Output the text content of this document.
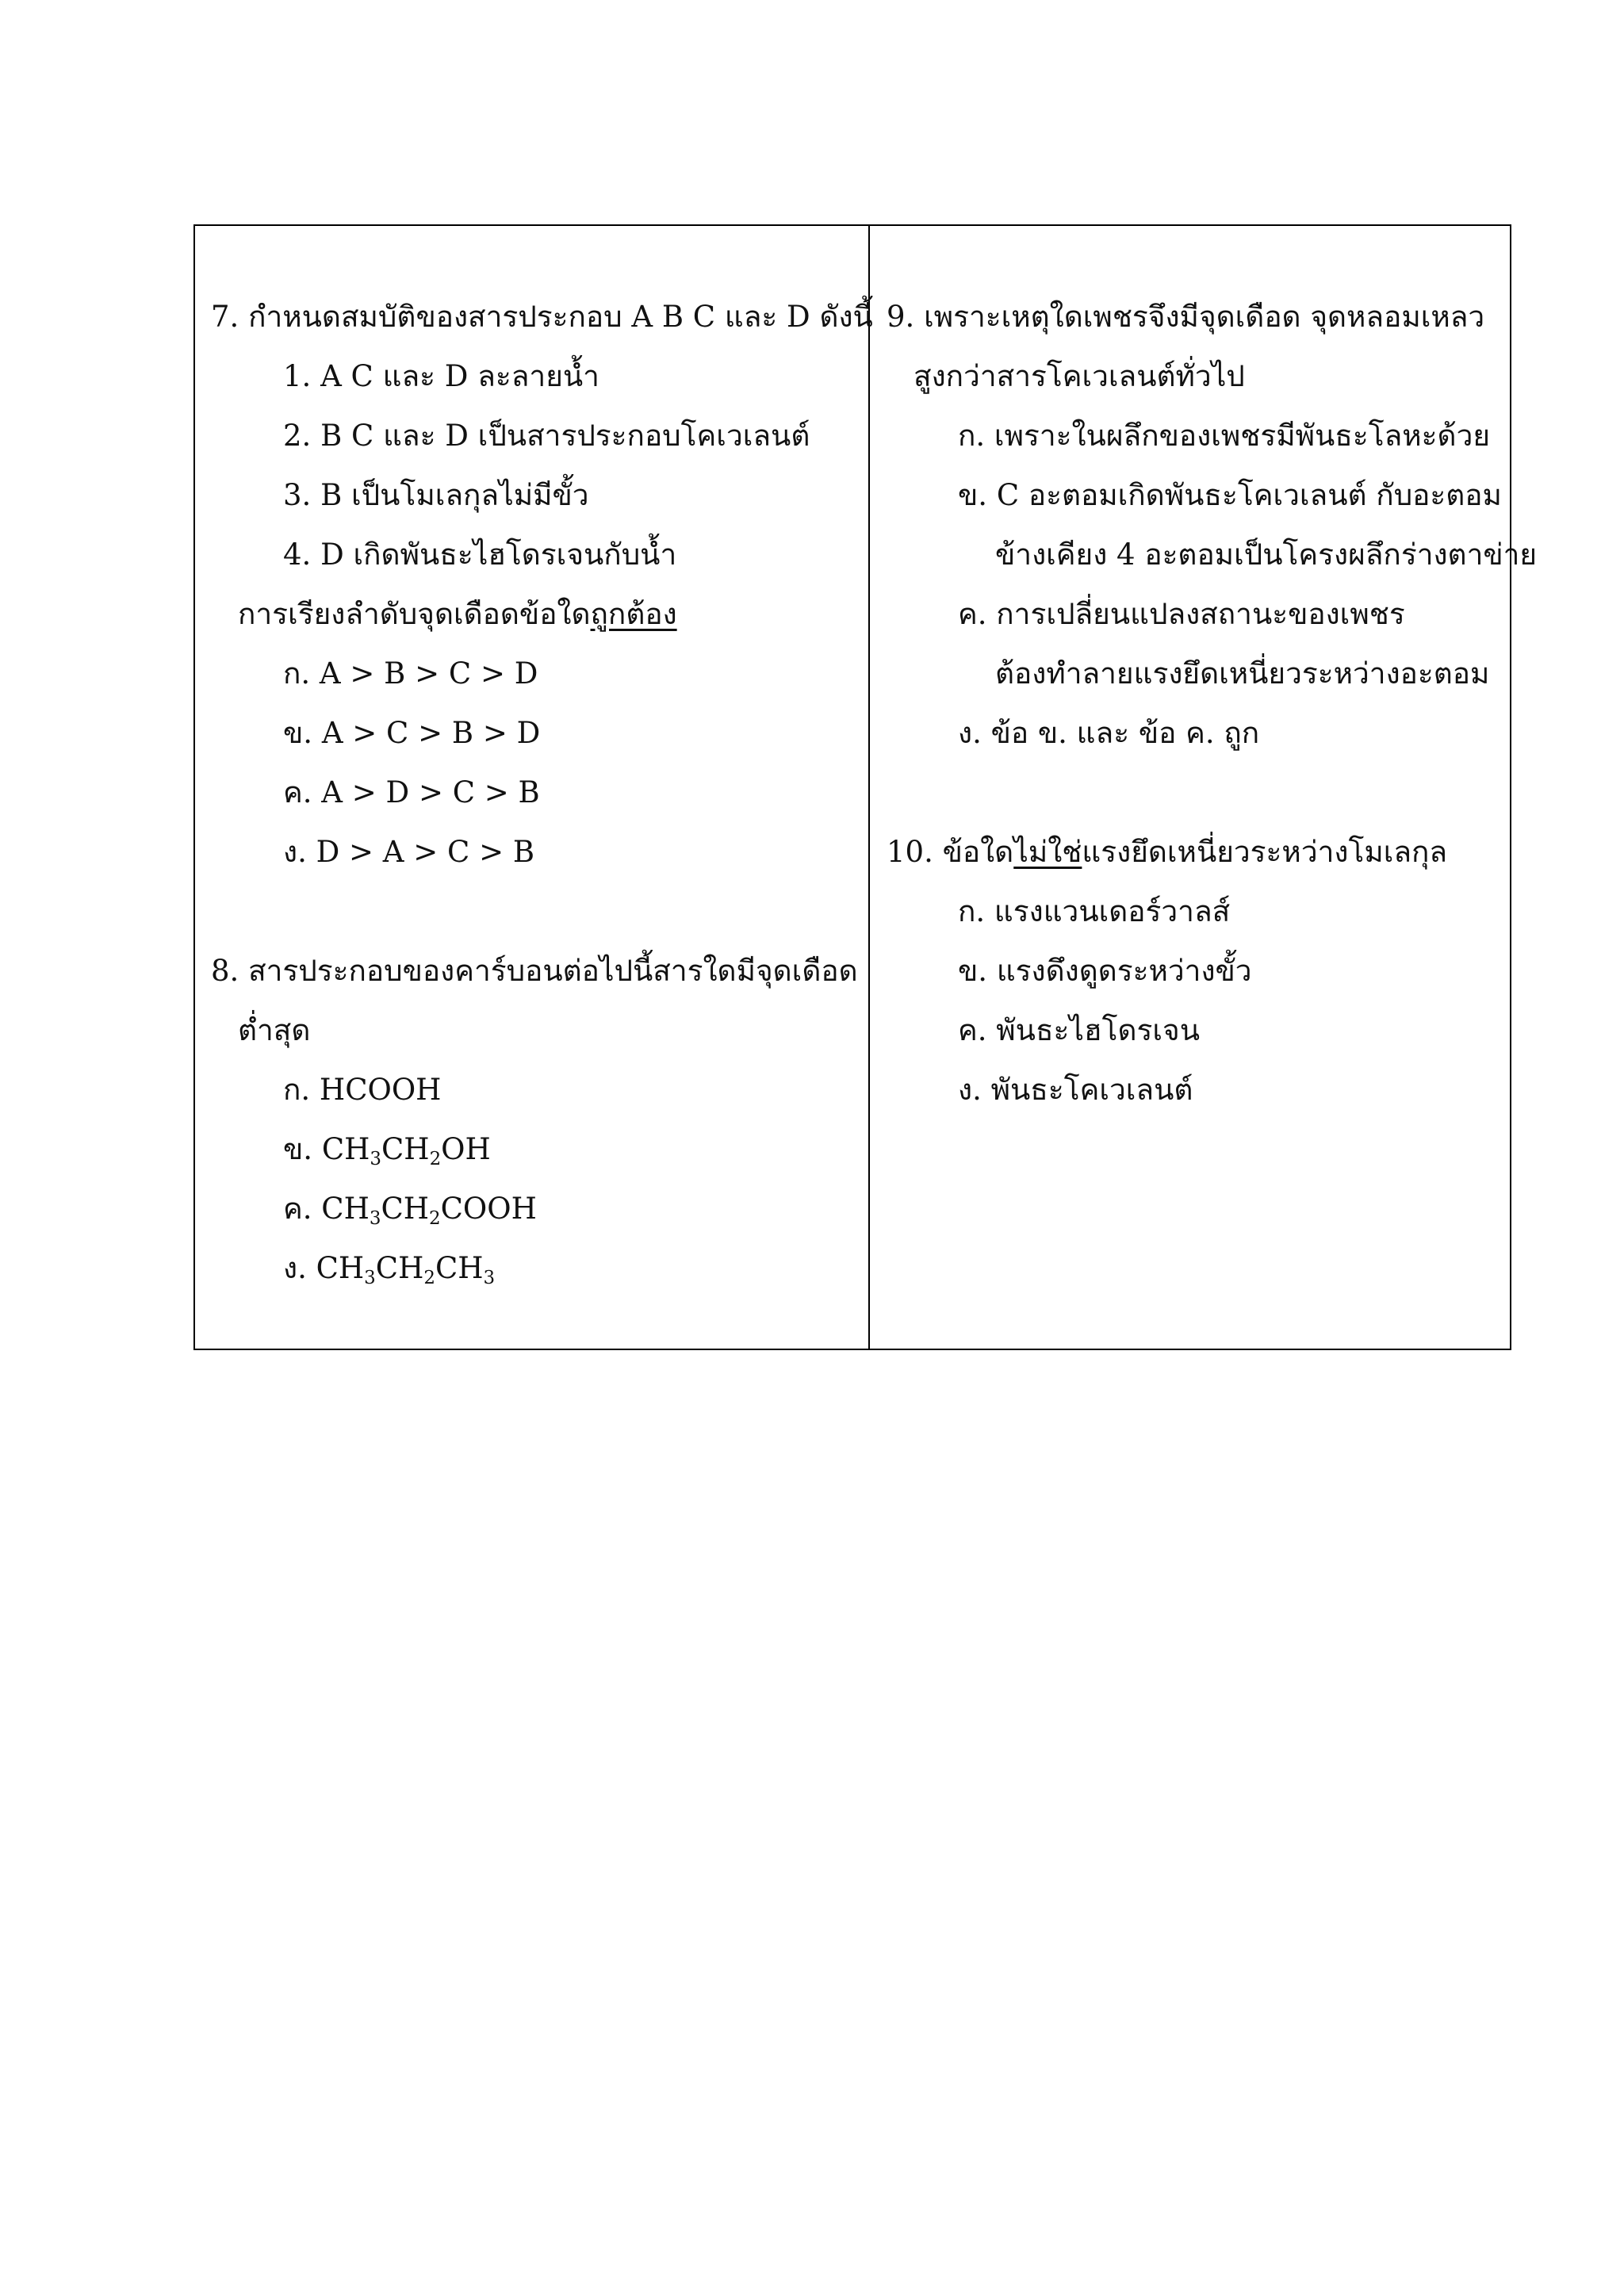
7. กำหนดสมบัติของสารประกอบ A B C และ D ดังนี้
1. A C และ D ละลายน้ำ
2. B C และ D เป็นสารประกอบโคเวเลนต์
3. B เป็นโมเลกุลไม่มีขั้ว
4. D เกิดพันธะไฮโดรเจนกับน้ำ
การเรียงลำดับจุดเดือดข้อใดถูกต้อง
ก. A > B > C > D
ข. A > C > B > D
ค. A > D > C > B
ง. D > A > C > B
8. สารประกอบของคาร์บอนต่อไปนี้สารใดมีจุดเดือด
ต่ำสุด
ก. HCOOH
ข. $CH_3CH_2OH$
ค. $CH_3CH_2COOH$
ง. $CH_3CH_2CH_3$
9. เพราะเหตุใดเพชรจึงมีจุดเดือด จุดหลอมเหลว
สูงกว่าสารโคเวเลนต์ทั่วไป
ก. เพราะในผลึกของเพชรมีพันธะโลหะด้วย
ข. C อะตอมเกิดพันธะโคเวเลนต์ กับอะตอม
ข้างเคียง 4 อะตอมเป็นโครงผลึกร่างตาข่าย
ค. การเปลี่ยนแปลงสถานะของเพชร
ต้องทำลายแรงยึดเหนี่ยวระหว่างอะตอม
ง. ข้อ ข. และ ข้อ ค. ถูก
10. ข้อใดไม่ใช่แรงยึดเหนี่ยวระหว่างโมเลกุล
ก. แรงแวนเดอร์วาลส์
ข. แรงดึงดูดระหว่างขั้ว
ค. พันธะไฮโดรเจน
ง. พันธะโคเวเลนต์
